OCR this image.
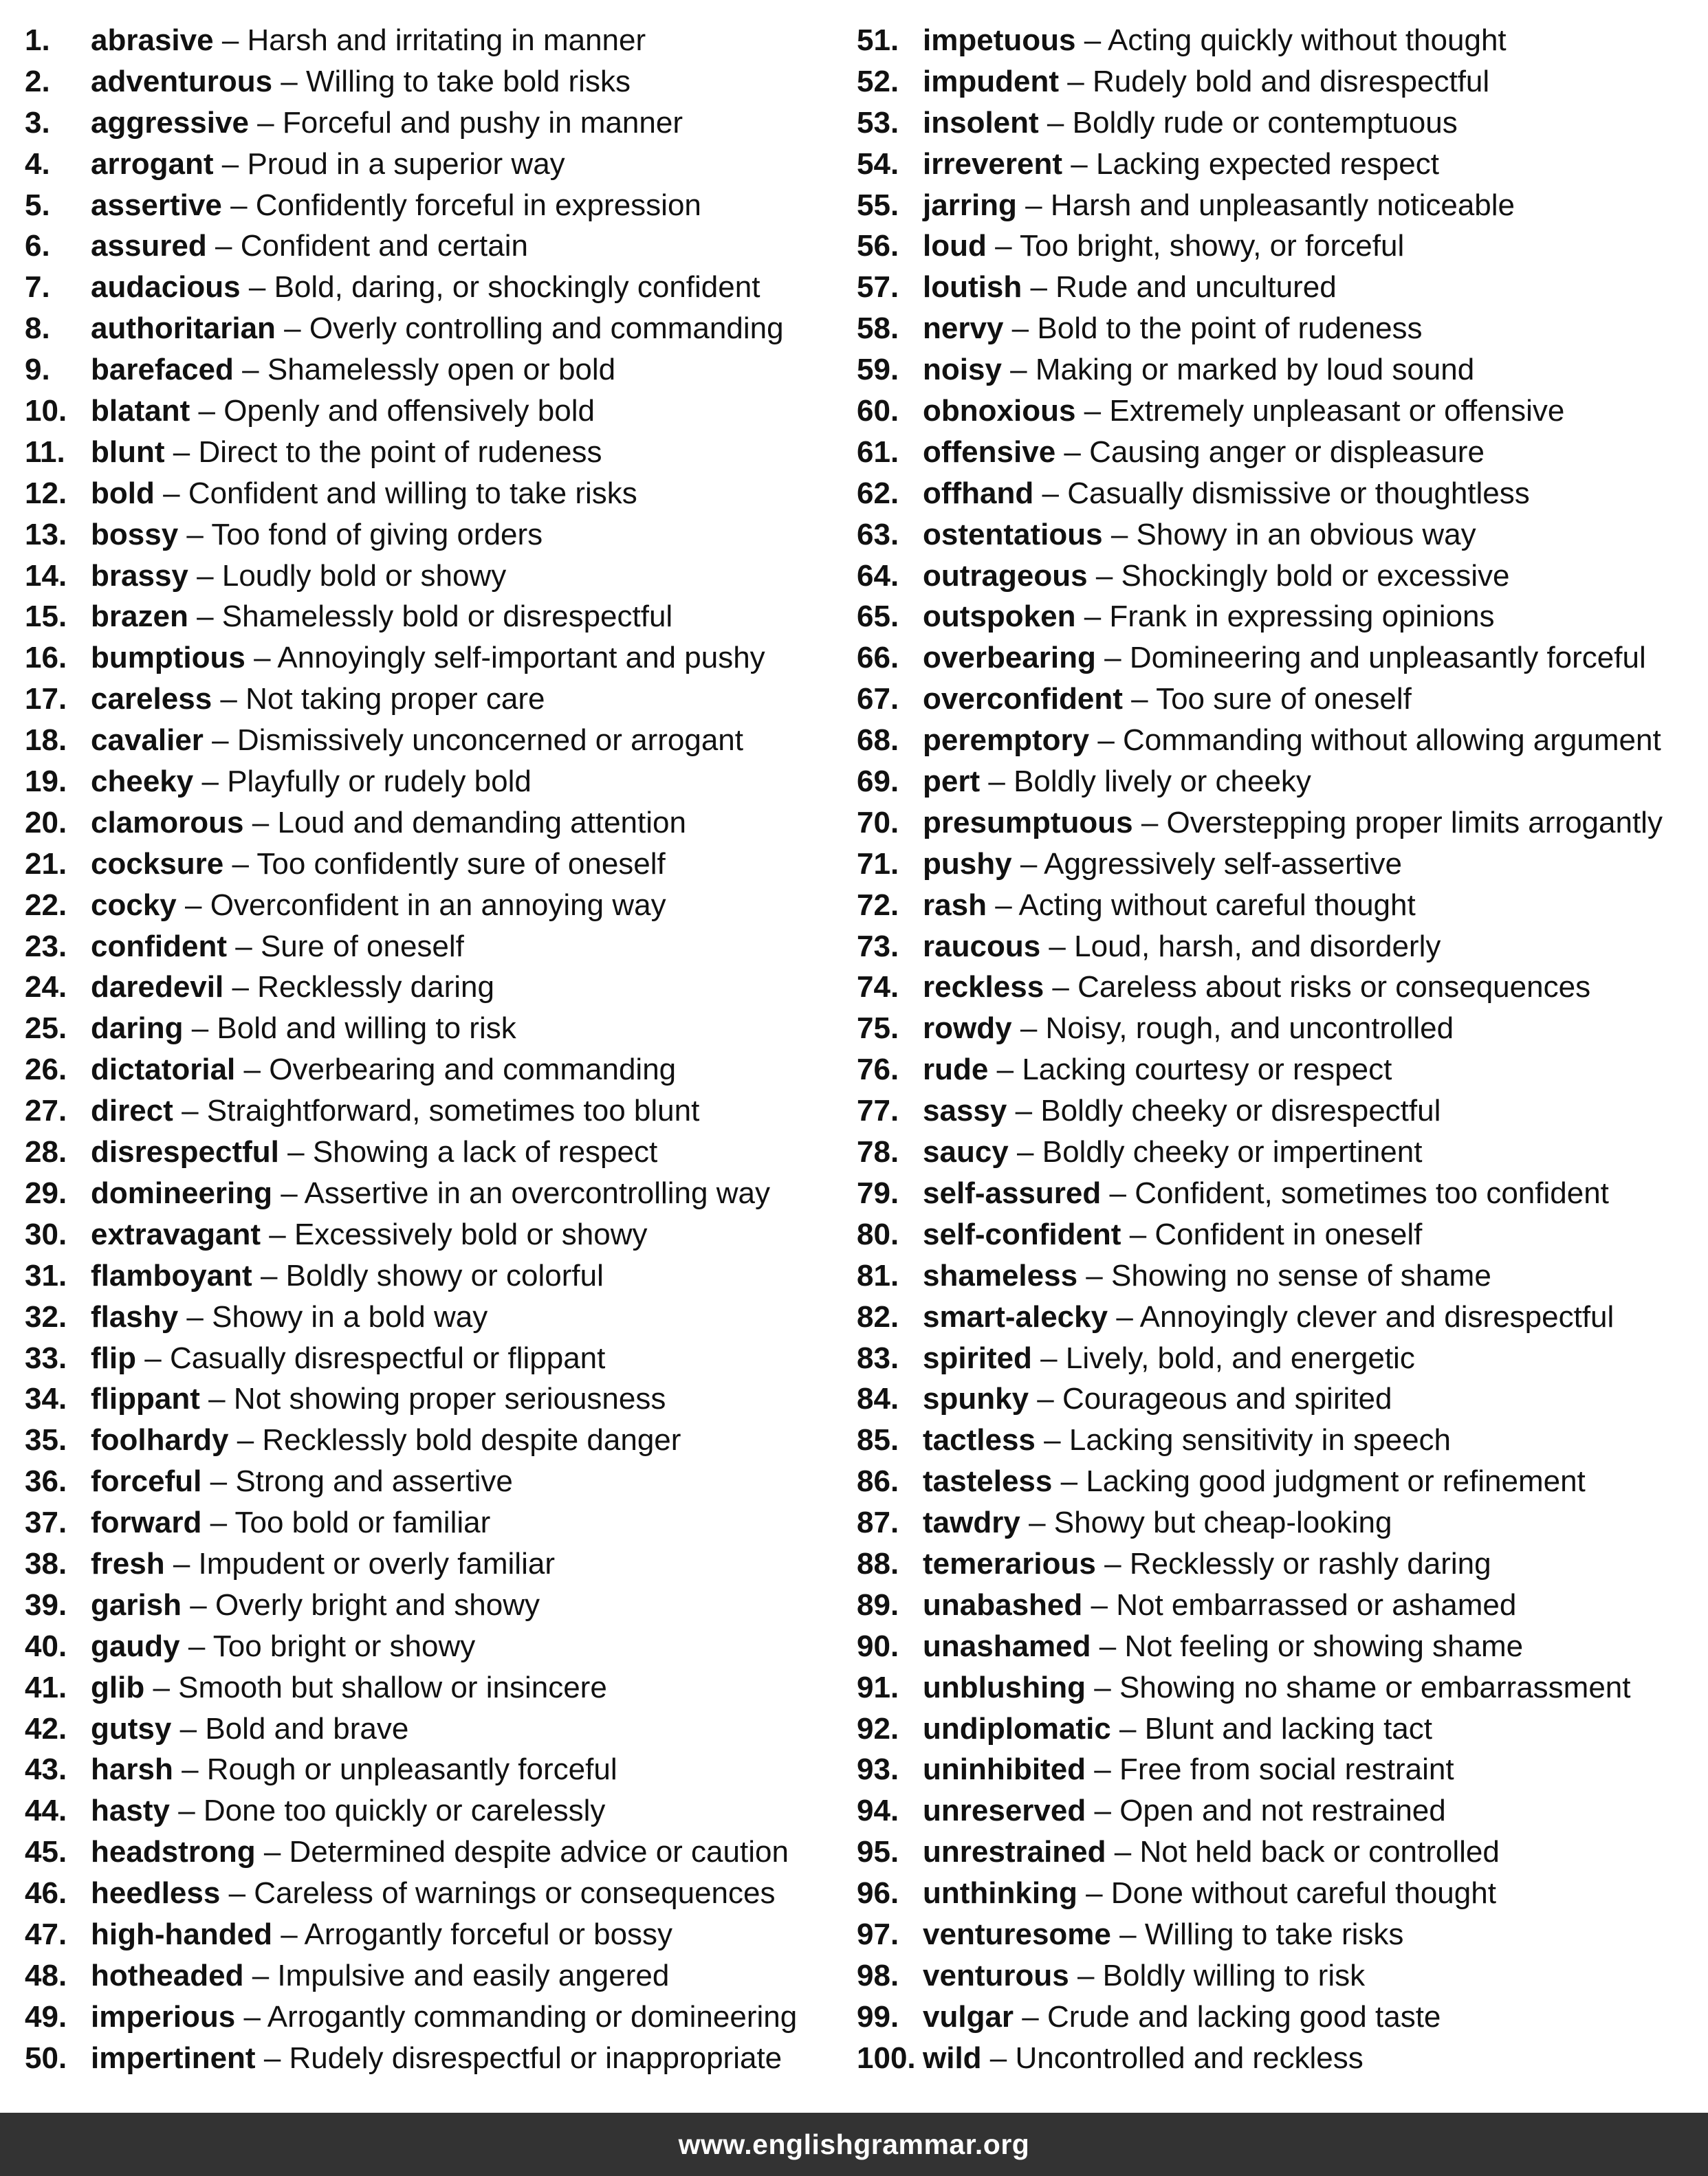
1. abrasive – Harsh and irritating in manner
2. adventurous – Willing to take bold risks
3. aggressive – Forceful and pushy in manner
4. arrogant – Proud in a superior way
5. assertive – Confidently forceful in expression
6. assured – Confident and certain
7. audacious – Bold, daring, or shockingly confident
8. authoritarian – Overly controlling and commanding
9. barefaced – Shamelessly open or bold
10. blatant – Openly and offensively bold
11. blunt – Direct to the point of rudeness
12. bold – Confident and willing to take risks
13. bossy – Too fond of giving orders
14. brassy – Loudly bold or showy
15. brazen – Shamelessly bold or disrespectful
16. bumptious – Annoyingly self-important and pushy
17. careless – Not taking proper care
18. cavalier – Dismissively unconcerned or arrogant
19. cheeky – Playfully or rudely bold
20. clamorous – Loud and demanding attention
21. cocksure – Too confidently sure of oneself
22. cocky – Overconfident in an annoying way
23. confident – Sure of oneself
24. daredevil – Recklessly daring
25. daring – Bold and willing to risk
26. dictatorial – Overbearing and commanding
27. direct – Straightforward, sometimes too blunt
28. disrespectful – Showing a lack of respect
29. domineering – Assertive in an overcontrolling way
30. extravagant – Excessively bold or showy
31. flamboyant – Boldly showy or colorful
32. flashy – Showy in a bold way
33. flip – Casually disrespectful or flippant
34. flippant – Not showing proper seriousness
35. foolhardy – Recklessly bold despite danger
36. forceful – Strong and assertive
37. forward – Too bold or familiar
38. fresh – Impudent or overly familiar
39. garish – Overly bright and showy
40. gaudy – Too bright or showy
41. glib – Smooth but shallow or insincere
42. gutsy – Bold and brave
43. harsh – Rough or unpleasantly forceful
44. hasty – Done too quickly or carelessly
45. headstrong – Determined despite advice or caution
46. heedless – Careless of warnings or consequences
47. high-handed – Arrogantly forceful or bossy
48. hotheaded – Impulsive and easily angered
49. imperious – Arrogantly commanding or domineering
50. impertinent – Rudely disrespectful or inappropriate
51. impetuous – Acting quickly without thought
52. impudent – Rudely bold and disrespectful
53. insolent – Boldly rude or contemptuous
54. irreverent – Lacking expected respect
55. jarring – Harsh and unpleasantly noticeable
56. loud – Too bright, showy, or forceful
57. loutish – Rude and uncultured
58. nervy – Bold to the point of rudeness
59. noisy – Making or marked by loud sound
60. obnoxious – Extremely unpleasant or offensive
61. offensive – Causing anger or displeasure
62. offhand – Casually dismissive or thoughtless
63. ostentatious – Showy in an obvious way
64. outrageous – Shockingly bold or excessive
65. outspoken – Frank in expressing opinions
66. overbearing – Domineering and unpleasantly forceful
67. overconfident – Too sure of oneself
68. peremptory – Commanding without allowing argument
69. pert – Boldly lively or cheeky
70. presumptuous – Overstepping proper limits arrogantly
71. pushy – Aggressively self-assertive
72. rash – Acting without careful thought
73. raucous – Loud, harsh, and disorderly
74. reckless – Careless about risks or consequences
75. rowdy – Noisy, rough, and uncontrolled
76. rude – Lacking courtesy or respect
77. sassy – Boldly cheeky or disrespectful
78. saucy – Boldly cheeky or impertinent
79. self-assured – Confident, sometimes too confident
80. self-confident – Confident in oneself
81. shameless – Showing no sense of shame
82. smart-alecky – Annoyingly clever and disrespectful
83. spirited – Lively, bold, and energetic
84. spunky – Courageous and spirited
85. tactless – Lacking sensitivity in speech
86. tasteless – Lacking good judgment or refinement
87. tawdry – Showy but cheap-looking
88. temerarious – Recklessly or rashly daring
89. unabashed – Not embarrassed or ashamed
90. unashamed – Not feeling or showing shame
91. unblushing – Showing no shame or embarrassment
92. undiplomatic – Blunt and lacking tact
93. uninhibited – Free from social restraint
94. unreserved – Open and not restrained
95. unrestrained – Not held back or controlled
96. unthinking – Done without careful thought
97. venturesome – Willing to take risks
98. venturous – Boldly willing to risk
99. vulgar – Crude and lacking good taste
100. wild – Uncontrolled and reckless
www.englishgrammar.org
